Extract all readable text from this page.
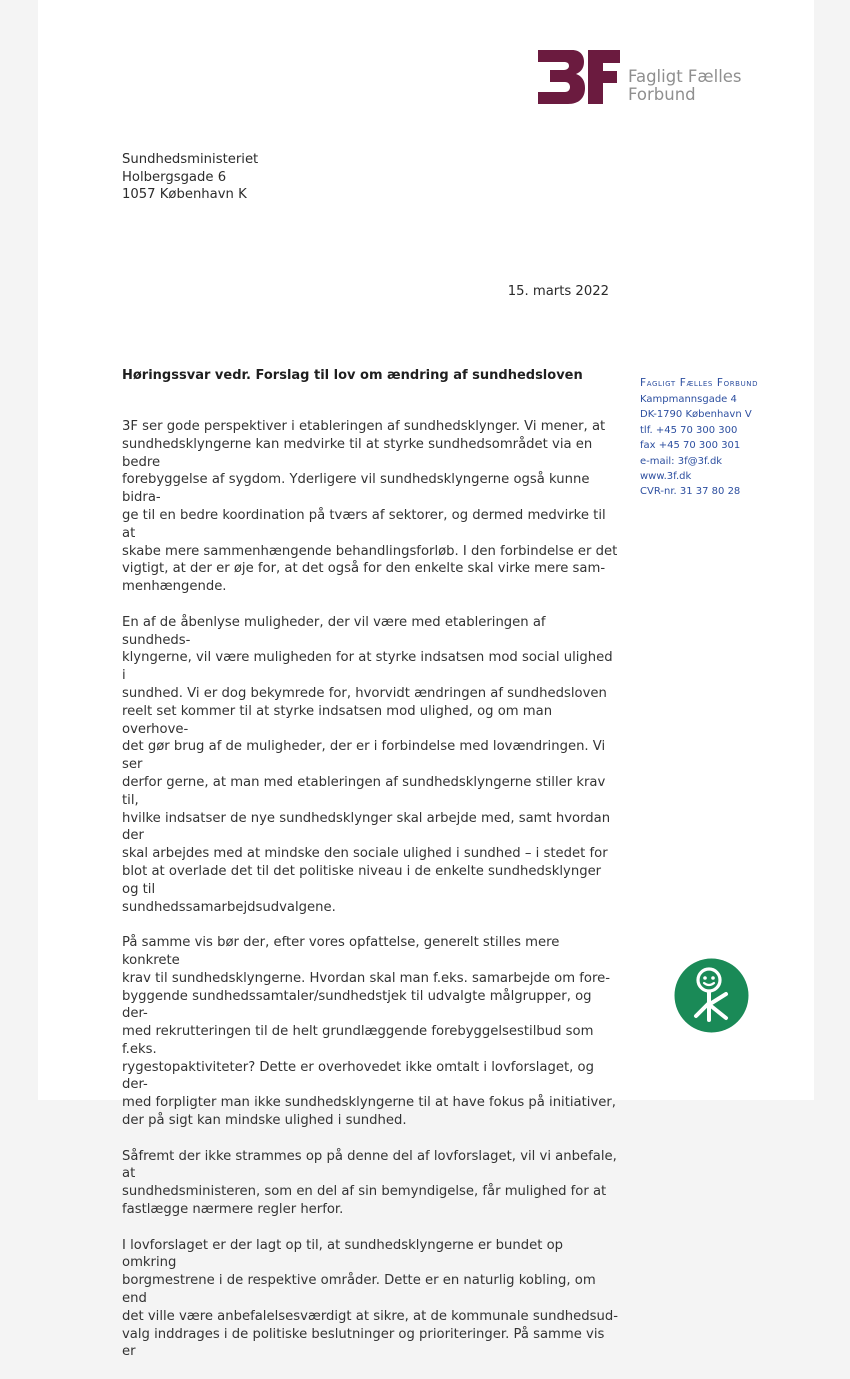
Fagligt Fælles
Forbund
Sundhedsministeriet
Holbergsgade 6
1057 København K
15. marts 2022
Høringssvar vedr. Forslag til lov om ændring af sundhedsloven	Fagligt Fælles Forbund
Kampmannsgade 4
DK-1790 København V
tlf. +45 70 300 300
fax +45 70 300 301
e-mail: 3f@3f.dk
www.3f.dk
CVR-nr. 31 37 80 28

3F ser gode perspektiver i etableringen af sundhedsklynger. Vi mener, at
sundhedsklyngerne kan medvirke til at styrke sundhedsområdet via en bedre
forebyggelse af sygdom. Yderligere vil sundhedsklyngerne også kunne bidra-
ge til en bedre koordination på tværs af sektorer, og dermed medvirke til at
skabe mere sammenhængende behandlingsforløb. I den forbindelse er det
vigtigt, at der er øje for, at det også for den enkelte skal virke mere sam-
menhængende.

En af de åbenlyse muligheder, der vil være med etableringen af sundheds-
klyngerne, vil være muligheden for at styrke indsatsen mod social ulighed i
sundhed. Vi er dog bekymrede for, hvorvidt ændringen af sundhedsloven
reelt set kommer til at styrke indsatsen mod ulighed, og om man overhove-
det gør brug af de muligheder, der er i forbindelse med lovændringen. Vi ser
derfor gerne, at man med etableringen af sundhedsklyngerne stiller krav til,
hvilke indsatser de nye sundhedsklynger skal arbejde med, samt hvordan der
skal arbejdes med at mindske den sociale ulighed i sundhed – i stedet for
blot at overlade det til det politiske niveau i de enkelte sundhedsklynger og til
sundhedssamarbejdsudvalgene.

På samme vis bør der, efter vores opfattelse, generelt stilles mere konkrete
krav til sundhedsklyngerne. Hvordan skal man f.eks. samarbejde om fore-
byggende sundhedssamtaler/sundhedstjek til udvalgte målgrupper, og der-
med rekrutteringen til de helt grundlæggende forebyggelsestilbud som f.eks.
rygestopaktiviteter? Dette er overhovedet ikke omtalt i lovforslaget, og der-
med forpligter man ikke sundhedsklyngerne til at have fokus på initiativer,
der på sigt kan mindske ulighed i sundhed.

Såfremt der ikke strammes op på denne del af lovforslaget, vil vi anbefale, at
sundhedsministeren, som en del af sin bemyndigelse, får mulighed for at
fastlægge nærmere regler herfor.

I lovforslaget er der lagt op til, at sundhedsklyngerne er bundet op omkring
borgmestrene i de respektive områder. Dette er en naturlig kobling, om end
det ville være anbefalelsesværdigt at sikre, at de kommunale sundhedsud-
valg inddrages i de politiske beslutninger og prioriteringer. På samme vis er
